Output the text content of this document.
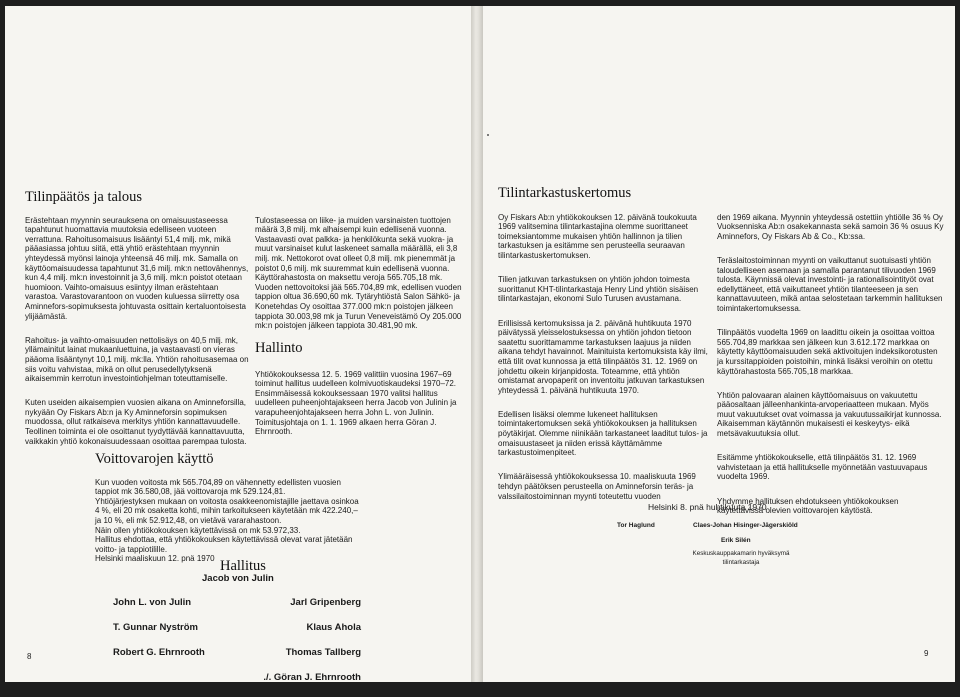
Tilinpäätös ja talous

Erästehtaan myynnin seurauksena on omaisuustaseessa tapahtunut huomattavia muutoksia edelliseen vuoteen verrattuna. Rahoitusomaisuus lisääntyi 51,4 milj. mk, mikä pääasiassa johtuu siitä, että yhtiö erästehtaan myynnin yhteydessä myönsi lainoja yhteensä 46 milj. mk. Samalla on käyttöomaisuudessa tapahtunut 31,6 milj. mk:n nettovähennys, kun 4,4 milj. mk:n investoinnit ja 3,6 milj. mk:n poistot otetaan huomioon. Vaihto-omaisuus esiintyy ilman erästehtaan varastoa. Varastovarantoon on vuoden kuluessa siirretty osa Aminnefors-sopimuksesta johtuvasta osittain kertaluontoisesta ylijäämästä.

Rahoitus- ja vaihto-omaisuuden nettolisäys on 40,5 milj. mk, yllämainitut lainat mukaanluettuina, ja vastaavasti on vieras pääoma lisääntynyt 10,1 milj. mk:lla. Yhtiön rahoitusasemaa on siis voitu vahvistaa, mikä on ollut perusedellytyksenä aikaisemmin kerrotun investointiohjelman toteuttamiselle.

Kuten useiden aikaisempien vuosien aikana on Aminneforsilla, nykyään Oy Fiskars Ab:n ja Ky Aminneforsin sopimuksen muodossa, ollut ratkaiseva merkitys yhtiön kannattavuudelle. Teollinen toiminta ei ole osoittanut tyydyttävää kannattavuutta, vaikkakin yhtiö kokonaisuudessaan osoittaa parempaa tulosta.

Tulostaseessa on liike- ja muiden varsinaisten tuottojen määrä 3,8 milj. mk alhaisempi kuin edellisenä vuonna. Vastaavasti ovat palkka- ja henkilökunta sekä vuokra- ja muut varsinaiset kulut laskeneet samalla määrällä, eli 3,8 milj. mk. Nettokorot ovat olleet 0,8 milj. mk pienemmät ja poistot 0,6 milj. mk suuremmat kuin edellisenä vuonna. Käyttörahastosta on maksettu veroja 565.705,18 mk. Vuoden nettovoitoksi jää 565.704,89 mk, edellisen vuoden tappion oltua 36.690,60 mk. Tytäryhtiöstä Salon Sähkö- ja Konetehdas Oy osoittaa 377.000 mk:n poistojen jälkeen tappiota 30.003,98 mk ja Turun Veneveistämö Oy 205.000 mk:n poistojen jälkeen tappiota 30.481,90 mk.

Hallinto

Yhtiökokouksessa 12. 5. 1969 valittiin vuosina 1967–69 toiminut hallitus uudelleen kolmivuotiskaudeksi 1970–72.
Ensimmäisessä kokouksessaan 1970 valitsi hallitus uudelleen puheenjohtajakseen herra Jacob von Julinin ja varapuheenjohtajakseen herra John L. von Julinin. Toimitusjohtaja on 1. 1. 1969 alkaen herra Göran J. Ehrnrooth.

Voittovarojen käyttö

Kun vuoden voitosta mk 565.704,89 on vähennetty edellisten vuosien tappiot mk 36.580,08, jää voittovaroja mk 529.124,81.
Yhtiöjärjestyksen mukaan on voitosta osakkeenomistajille jaettava osinkoa 4 %, eli 20 mk osaketta kohti, mihin tarkoitukseen käytetään mk 422.240,– ja 10 %, eli mk 52.912,48, on vietävä vararahastoon.
Näin ollen yhtiökokouksen käytettävissä on mk 53.972,33.
Hallitus ehdottaa, että yhtiökokouksen käytettävissä olevat varat jätetään voitto- ja tappiotilille.
Helsinki maaliskuun 12. pnä 1970 Hallitus
Jacob von Julin

John L. von Julin

T. Gunnar Nyström

Robert G. Ehrnrooth

Jarl Gripenberg

Klaus Ahola

Thomas Tallberg

./. Göran J. Ehrnrooth

8
Tilintarkastuskertomus

Oy Fiskars Ab:n yhtiökokouksen 12. päivänä toukokuuta 1969 valitsemina tilintarkastajina olemme suorittaneet toimeksiantomme mukaisen yhtiön hallinnon ja tilien tarkastuksen ja esitämme sen perusteella seuraavan tilintarkastuskertomuksen.

Tilien jatkuvan tarkastuksen on yhtiön johdon toimesta suorittanut KHT-tilintarkastaja Henry Lind yhtiön sisäisen tilintarkastajan, ekonomi Sulo Turusen avustamana.

Erillisissä kertomuksissa ja 2. päivänä huhtikuuta 1970 päivätyssä yleisselostuksessa on yhtiön johdon tietoon saatettu suorittamamme tarkastuksen laajuus ja niiden aikana tehdyt havainnot. Mainituista kertomuksista käy ilmi, että tilit ovat kunnossa ja että tilinpäätös 31. 12. 1969 on johdettu oikein kirjanpidosta. Toteamme, että yhtiön omistamat arvopaperit on inventoitu jatkuvan tarkastuksen yhteydessä 1. päivänä huhtikuuta 1970.

Edellisen lisäksi olemme lukeneet hallituksen toimintakertomuksen sekä yhtiökokouksen ja hallituksen pöytäkirjat. Olemme niinikään tarkastaneet laaditut tulos- ja omaisuustaseet ja niiden erissä käyttämämme tarkastustoimenpiteet.

Ylimääräisessä yhtiökokouksessa 10. maaliskuuta 1969 tehdyn päätöksen perusteella on Aminneforsin teräs- ja valssilaitostoiminnan myynti toteutettu vuoden

den 1969 aikana. Myynnin yhteydessä ostettiin yhtiölle 36 % Oy Vuoksenniska Ab:n osakekannasta sekä samoin 36 % osuus Ky Aminnefors, Oy Fiskars Ab & Co., Kb:ssa.

Teräslaitostoiminnan myynti on vaikuttanut suotuisasti yhtiön taloudelliseen asemaan ja samalla parantanut tilivuoden 1969 tulosta. Käynnissä olevat investointi- ja rationalisointityöt ovat edellyttäneet, että vaikuttaneet yhtiön tilanteeseen ja sen kannattavuuteen, mikä antaa selostetaan tarkemmin hallituksen toimintakertomuksessa.

Tilinpäätös vuodelta 1969 on laadittu oikein ja osoittaa voittoa 565.704,89 markkaa sen jälkeen kun 3.612.172 markkaa on käytetty käyttöomaisuuden sekä aktivoitujen indeksikorotusten ja kurssitappioiden poistoihin, minkä lisäksi veroihin on otettu käyttörahastosta 565.705,18 markkaa.

Yhtiön palovaaran alainen käyttöomaisuus on vakuutettu pääosaltaan jälleenhankinta-arvoperiaatteen mukaan. Myös muut vakuutukset ovat voimassa ja vakuutussaikirjat kunnossa. Aikaisemman käytännön mukaisesti ei keskeytys- eikä metsävakuutuksia ollut.

Esitämme yhtiökokoukselle, että tilinpäätös 31. 12. 1969 vahvistetaan ja että hallitukselle myönnetään vastuuvapaus vuodelta 1969.

Yhdymme hallituksen ehdotukseen yhtiökokouksen käytettävissä olevien voittovarojen käytöstä.

Helsinki 8. pnä huhtikuuta 1970
Tor Haglund	Claes-Johan Hisinger-Jägerskiöld
Erik Silén
Keskuskauppakamarin hyväksymä
tilintarkastaja
9
